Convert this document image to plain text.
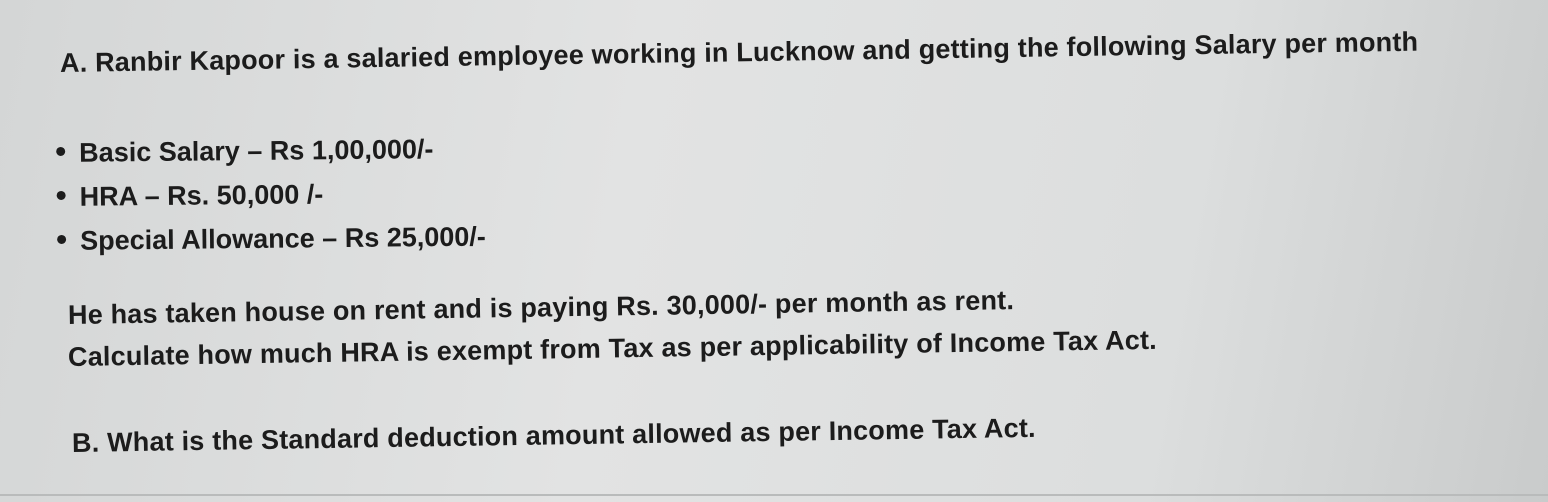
A. Ranbir Kapoor is a salaried employee working in Lucknow and getting the following Salary per month
Basic Salary – Rs 1,00,000/-
HRA – Rs. 50,000 /-
Special Allowance – Rs 25,000/-
He has taken house on rent and is paying Rs. 30,000/- per month as rent.
Calculate how much HRA is exempt from Tax as per applicability of Income Tax Act.
B. What is the Standard deduction amount allowed as per Income Tax Act.
